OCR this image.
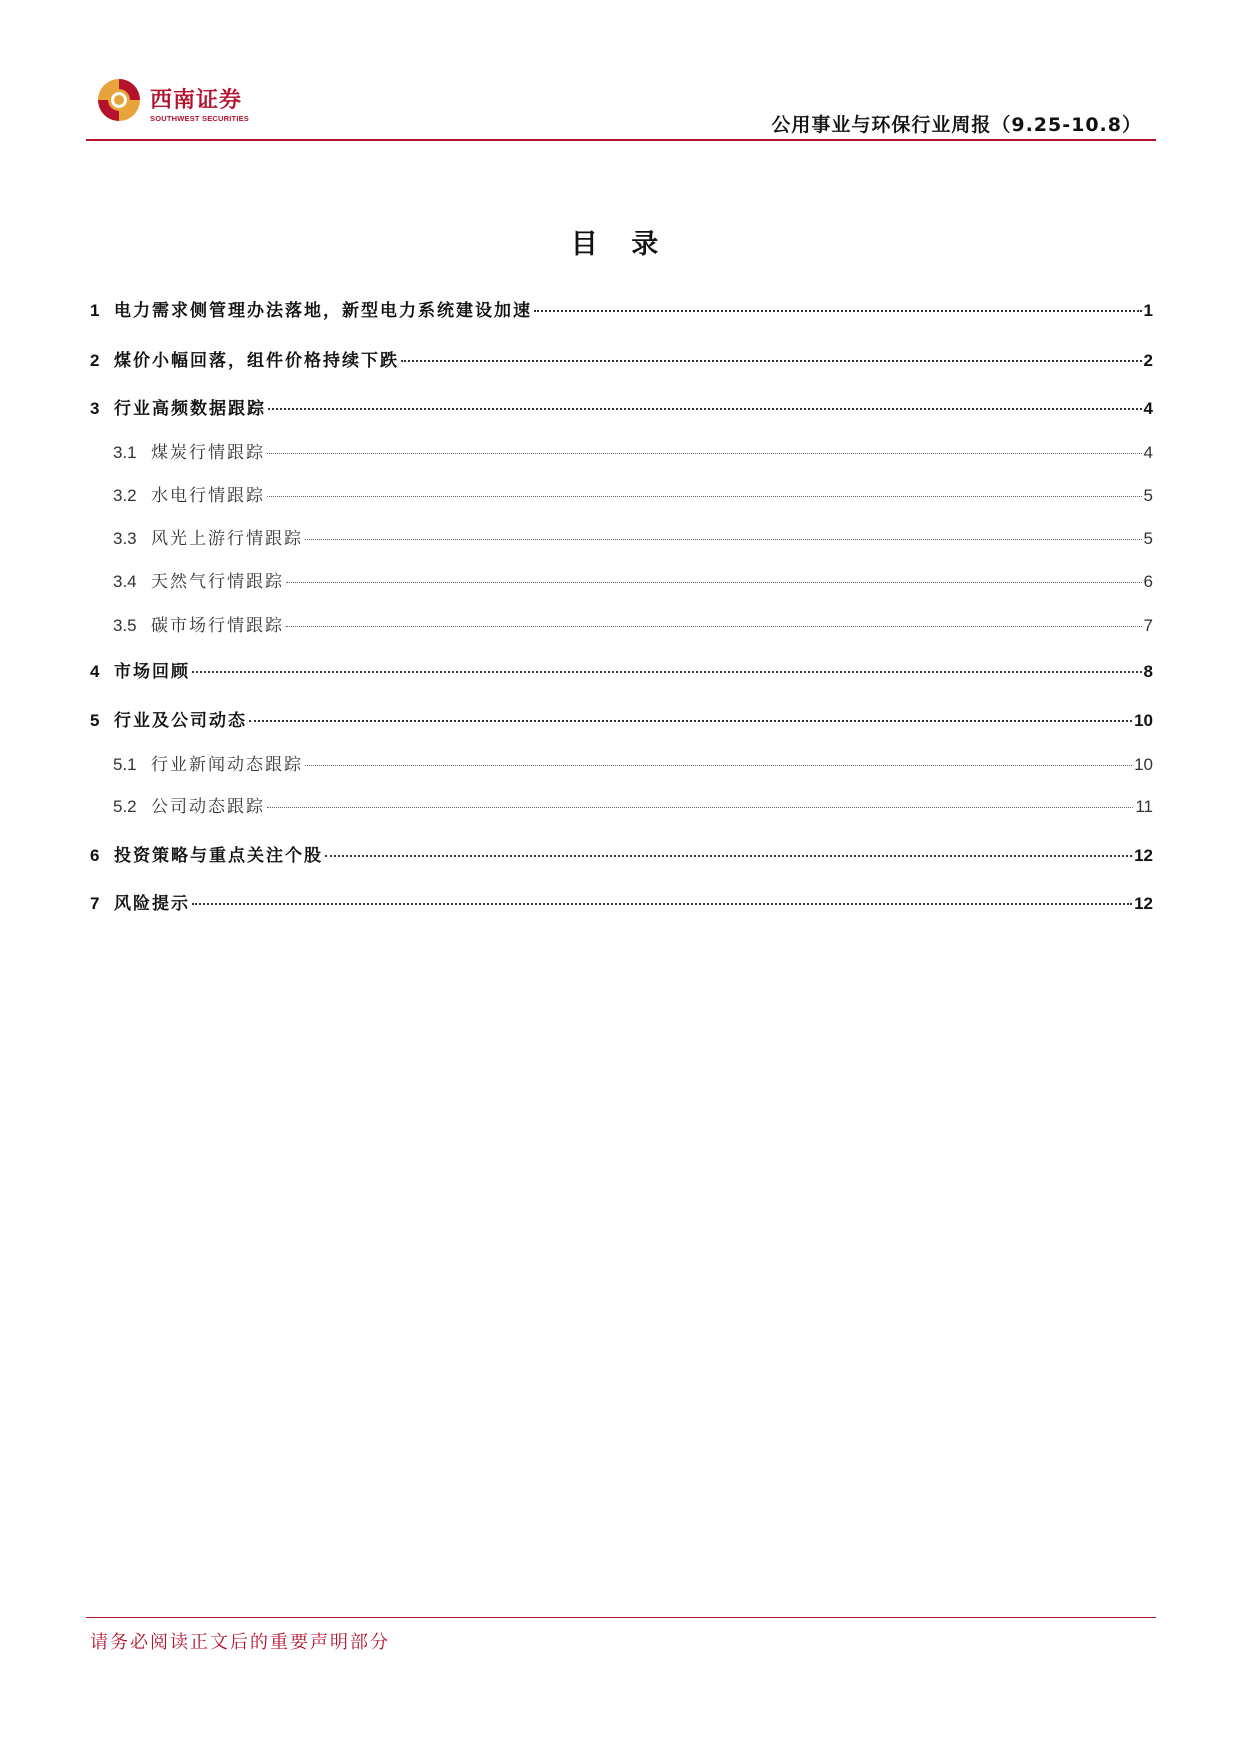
西南证券
SOUTHWEST SECURITIES	公用事业与环保行业周报（9.25-10.8）
目 录
1 电力需求侧管理办法落地，新型电力系统建设加速	1
2 煤价小幅回落，组件价格持续下跌	2
3 行业高频数据跟踪	4
3.1 煤炭行情跟踪	4
3.2 水电行情跟踪	5
3.3 风光上游行情跟踪	5
3.4 天然气行情跟踪	6
3.5 碳市场行情跟踪	7
4 市场回顾	8
5 行业及公司动态	10
5.1 行业新闻动态跟踪	10
5.2 公司动态跟踪	11
6 投资策略与重点关注个股	12
7 风险提示	12
请务必阅读正文后的重要声明部分
